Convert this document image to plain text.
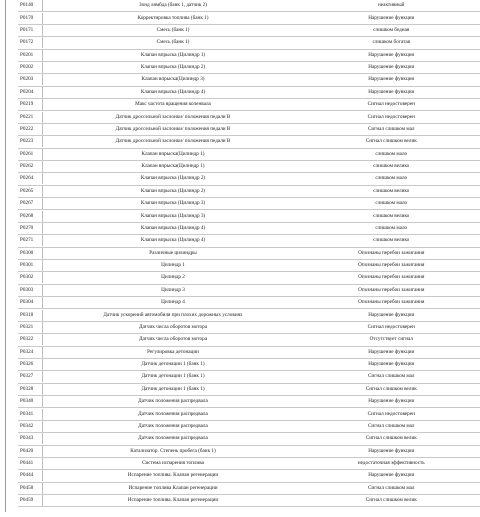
P0140		Зонд лямбда (банк 1, датчик 2)	неактивный
P0170		Корректировка топлива (банк 1)	Нарушение функции
P0171		Смесь (банк 1)	слишком бедная
P0172		Смесь (банк 1)	слишком богатая
P0201		Клапан впрыска (Цилиндр 1)	Нарушение функции
P0202		Клапан впрыска (Цилиндр 2)	Нарушение функции
P0203		Клапан впрыска(Цилиндр 3)	Нарушение функции
P0204		Клапан впрыска (Цилиндр 4)	Нарушение функции
P0219		Макс частота вращения коленвала	Сигнал недостоверен
P0221		Датчик дроссельной заслонки/ положения педали B	Сигнал недостоверен
P0222		Датчик дроссельной заслонки/ положения педали B	Сигнал слишком мал
P0223		Датчик дроссельной заслонки/ положения педали B	Сигнал слишком велик
P0261		Клапан впрыска(Цилиндр 1)	слишком мало
P0262		Клапан впрыска(Цилиндр 1)	слишком велико
P0264		Клапан впрыска (Цилиндр 2)	слишком мало
P0265		Клапан впрыска (Цилиндр 2)	слишком велико
P0267		Клапан впрыска (Цилиндр 3)	слишком мало
P0268		Клапан впрыска (Цилиндр 3)	слишком велико
P0270		Клапан впрыска (Цилиндр 4)	слишком мало
P0271		Клапан впрыска (Цилиндр 4)	слишком велико
P0300		Различные цилиндры	Опознаны перебои зажигания
P0301		Цилиндр 1	Опознаны перебои зажигания
P0302		Цилиндр 2	Опознаны перебои зажигания
P0303		Цилиндр 3	Опознаны перебои зажигания
P0304		Цилиндр 4	Опознаны перебои зажигания
P0318		Датчик ускорений автомобиля при плохих дорожных условиях	Нарушение функции
P0321		Датчик числа оборотов мотора	Сигнал недостоверен
P0322		Датчик числа оборотов мотора	Отсутствует сигнал
P0324		Регулировка детонации	Нарушение функции
P0326		Датчик детонации 1 (банк 1)	Нарушение функции
P0327		Датчик детонации 1 (банк 1)	Сигнал слишком мал
P0328		Датчик детонации 1 (банк 1)	Сигнал слишком велик
P0340		Датчик положения распредвала	Нарушение функции
P0341		Датчик положения распредвала	Сигнал недостоверен
P0342		Датчик положения распредвала	Сигнал слишком мал
P0343		Датчик положения распредвала	Сигнал слишком велик
P0420		Катализатор. Степень пробега (банк 1)	Нарушение функции
P0441		Система испарения топлива	недостаточная эффективность
P0444		Испарение топлива. Клапан регенерации	Нарушение функции
P0458		Испарение топлива Клапан регенерации	Сигнал слишком мал
P0459		Испарение топлива. Клапан регенерации	Сигнал слишком велик
